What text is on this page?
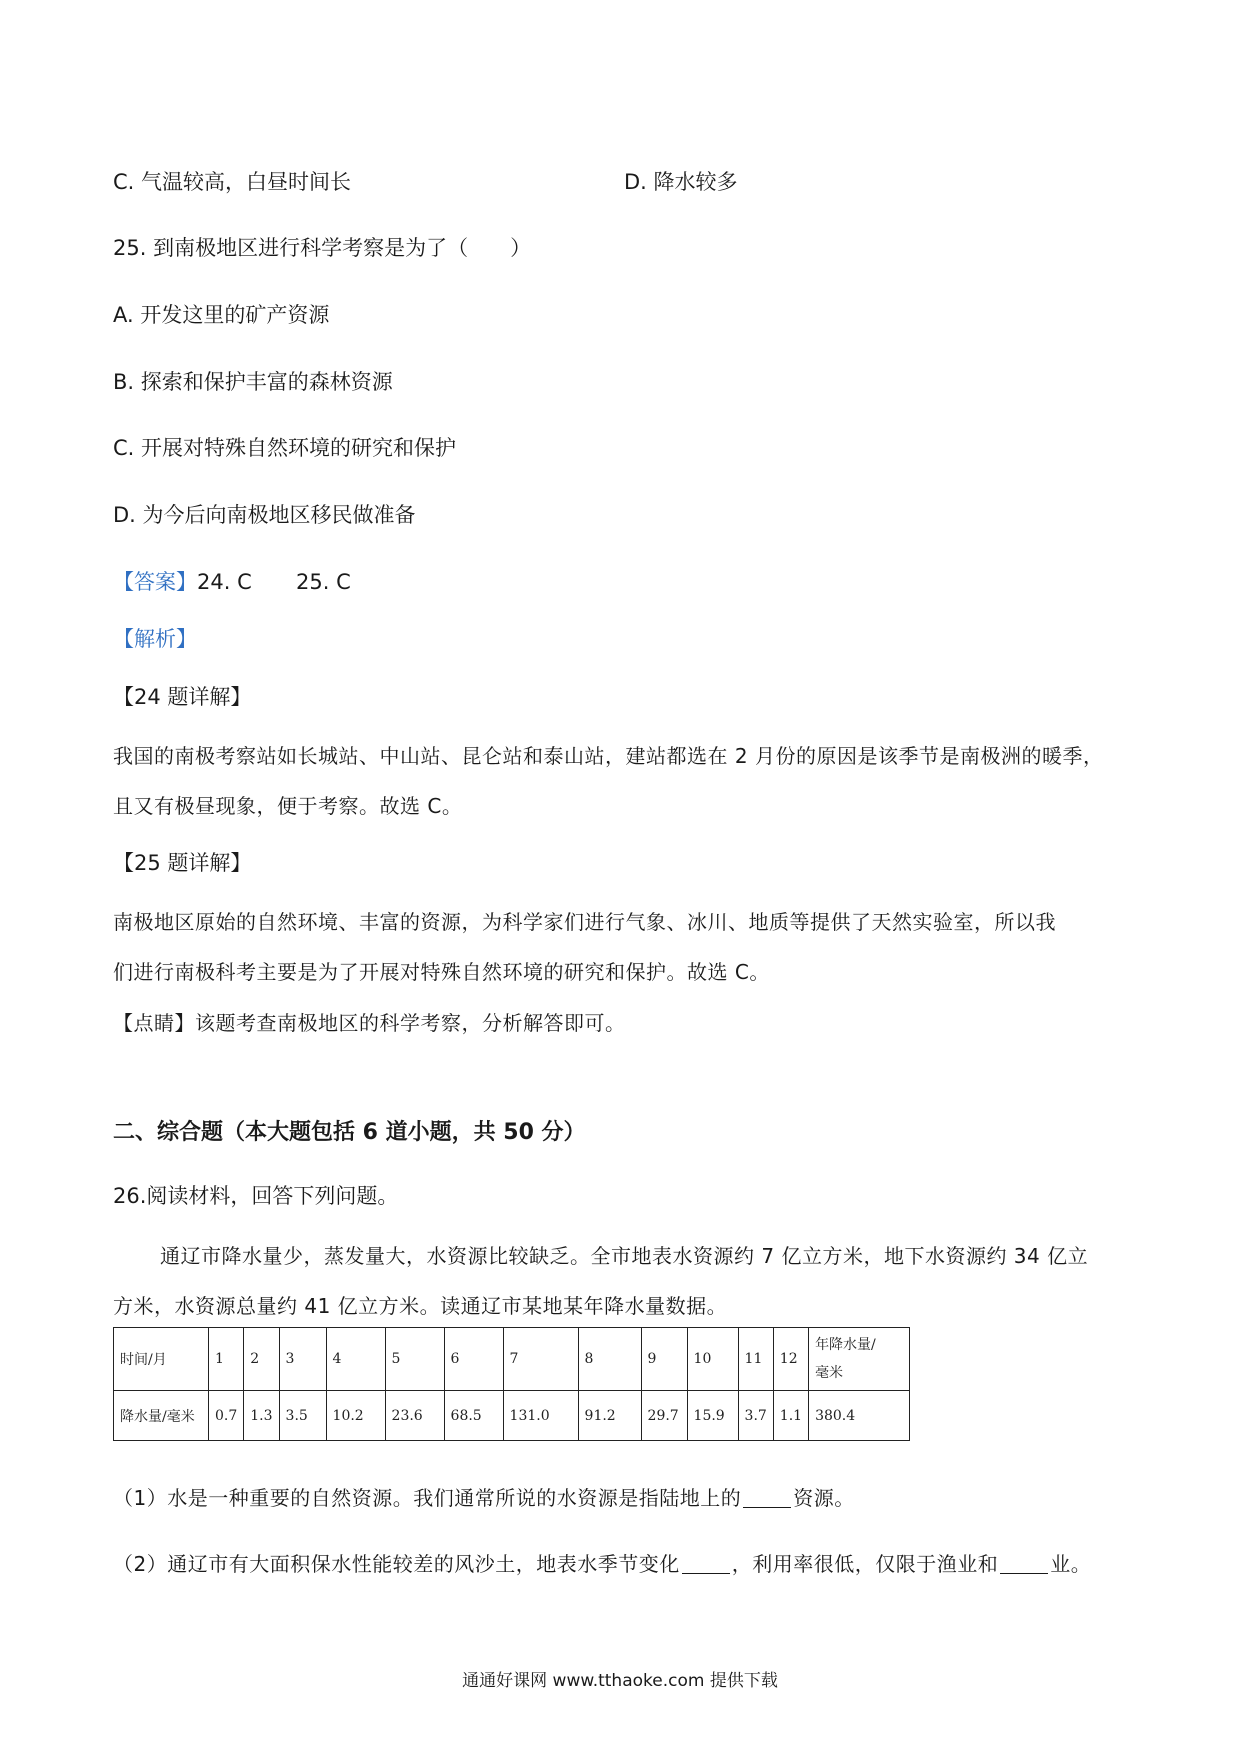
C. 气温较高，白昼时间长	D. 降水较多
25. 到南极地区进行科学考察是为了（　　）
A. 开发这里的矿产资源
B. 探索和保护丰富的森林资源
C. 开展对特殊自然环境的研究和保护
D. 为今后向南极地区移民做准备
【答案】24. C 25. C
【解析】
【24 题详解】
我国的南极考察站如长城站、中山站、昆仑站和泰山站，建站都选在 2 月份的原因是该季节是南极洲的暖季，
且又有极昼现象，便于考察。故选 C。
【25 题详解】
南极地区原始的自然环境、丰富的资源，为科学家们进行气象、冰川、地质等提供了天然实验室，所以我
们进行南极科考主要是为了开展对特殊自然环境的研究和保护。故选 C。
【点睛】该题考查南极地区的科学考察，分析解答即可。
二、综合题（本大题包括 6 道小题，共 50 分）
26.阅读材料，回答下列问题。
通辽市降水量少，蒸发量大，水资源比较缺乏。全市地表水资源约 7 亿立方米，地下水资源约 34 亿立
方米，水资源总量约 41 亿立方米。读通辽市某地某年降水量数据。
时间/月	1	2	3	4	5	6	7	8	9	10	11	12	年降水量/
毫米

降水量/毫米	0.7	1.3	3.5	10.2	23.6	68.5	131.0	91.2	29.7	15.9	3.7	1.1	380.4
（1）水是一种重要的自然资源。我们通常所说的水资源是指陆地上的	资源。
（2）通辽市有大面积保水性能较差的风沙土，地表水季节变化	，利用率很低，仅限于渔业和	业。
通通好课网 www.tthaoke.com 提供下载
